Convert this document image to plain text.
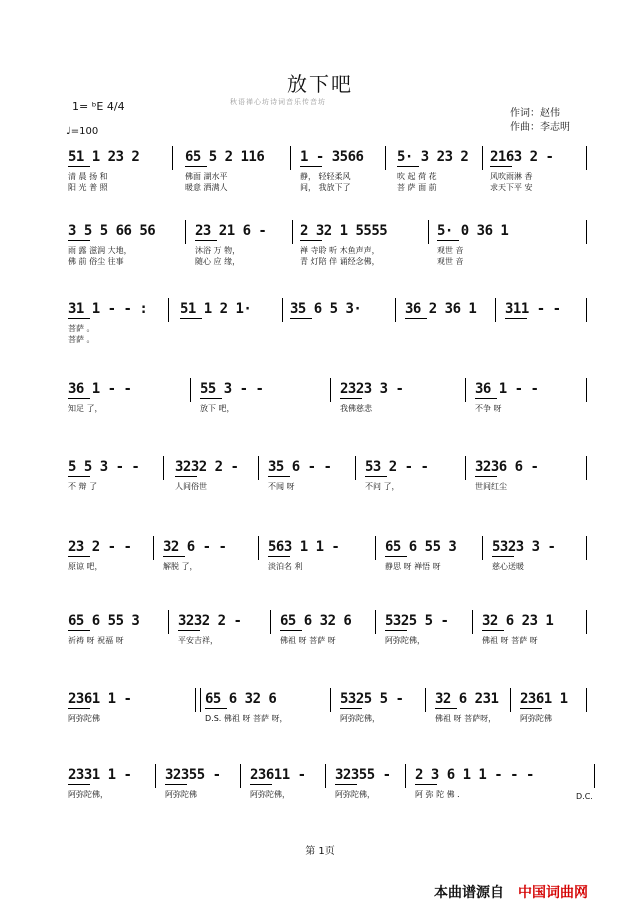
放下吧
秋语禅心坊诗词音乐传音坊
1= ᵇE 4/4
♩=100
作词：赵伟
作曲：李志明
51 1 23 2
清 晨 扬 和
阳 光 普 照
65 5 2 116
佛面 湖水平
暖意 洒满人
1 - 3566
静， 轻轻柔风
间， 我放下了
5· 3 23 2
吹 起 荷 花
菩 萨 面 前
2163 2 -
风吹雨淋 香
求天下平 安
3 5 5 66 56
雨 露 滋润 大地，
佛 前 俗尘 往事
23 21 6 -
沐浴 万 物，
随心 应 缘，
2 32 1 5555
禅 寺聆 听 木鱼声声，
青 灯陪 伴 诵经念佛，
5· 0 36 1
观世 音
观世 音
31 1 - - :
菩萨 。
菩萨 。
51 1 2 1·	35 6 5 3·	36 2 36 1 311 - -
36 1 - -
知足 了，
55 3 - -
放下 吧，
2323 3 -
我佛慈悲
36 1 - -
不争 呀
5 5 3 - -
不 辩 了
3232 2 -
人间俗世
35 6 - -
不闻 呀
53 2 - -
不问 了，
3236 6 -
世间红尘
23 2 - -
原谅 吧，
32 6 - -
解脱 了，
563 1 1 -
淡泊名 利
65 6 55 3
静思 呀 禅悟 呀
5323 3 -
慈心送暖
65 6 55 3
祈祷 呀 祝福 呀
3232 2 -
平安吉祥，
65 6 32 6
佛祖 呀 菩萨 呀
5325 5 -
阿弥陀佛，
32 6 23 1
佛祖 呀 菩萨 呀
2361 1 -
阿弥陀佛
65 6 32 6
D.S. 佛祖 呀 菩萨 呀，
5325 5 -
阿弥陀佛，
32 6 231
佛祖 呀 菩萨呀，
2361 1
阿弥陀佛
2331 1 -
阿弥陀佛，
32355 -
阿弥陀佛
23611 -
阿弥陀佛，
32355 -
阿弥陀佛，
2 3 6 1 1 - - -
阿 弥 陀 佛 ．	D.C.
第 1页
本曲谱源自 中国词曲网
